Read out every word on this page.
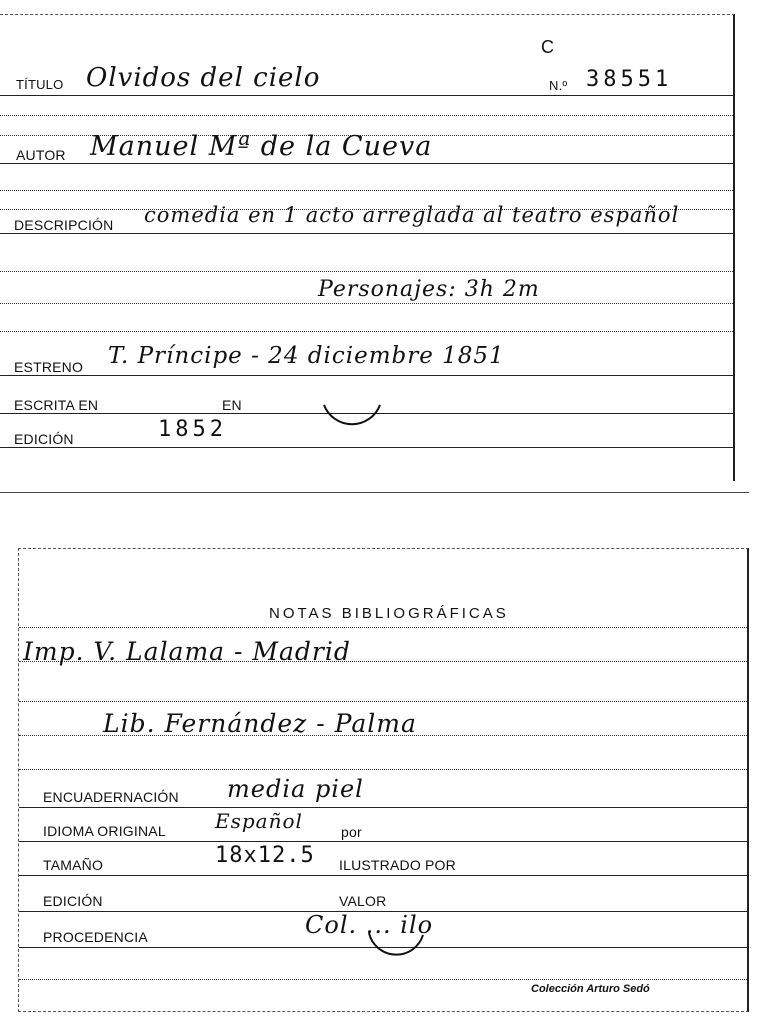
TÍTULO Olvidos del cielo
C
N.º 38551
AUTOR Manuel Mª de la Cueva
DESCRIPCIÓN comedia en 1 acto arreglada al teatro español
Personajes: 3h 2m
ESTRENO T. Príncipe - 24 diciembre 1851
ESCRITA EN	EN
EDICIÓN	1852
NOTAS BIBLIOGRÁFICAS
Imp. V. Lalama - Madrid
Lib. Fernández - Palma
ENCUADERNACIÓN media piel
IDIOMA ORIGINAL Español	por
TAMAÑO	18x12.5 ILUSTRADO POR
EDICIÓN	VALOR
PROCEDENCIA	Col. ... ilo
Colección Arturo Sedó
